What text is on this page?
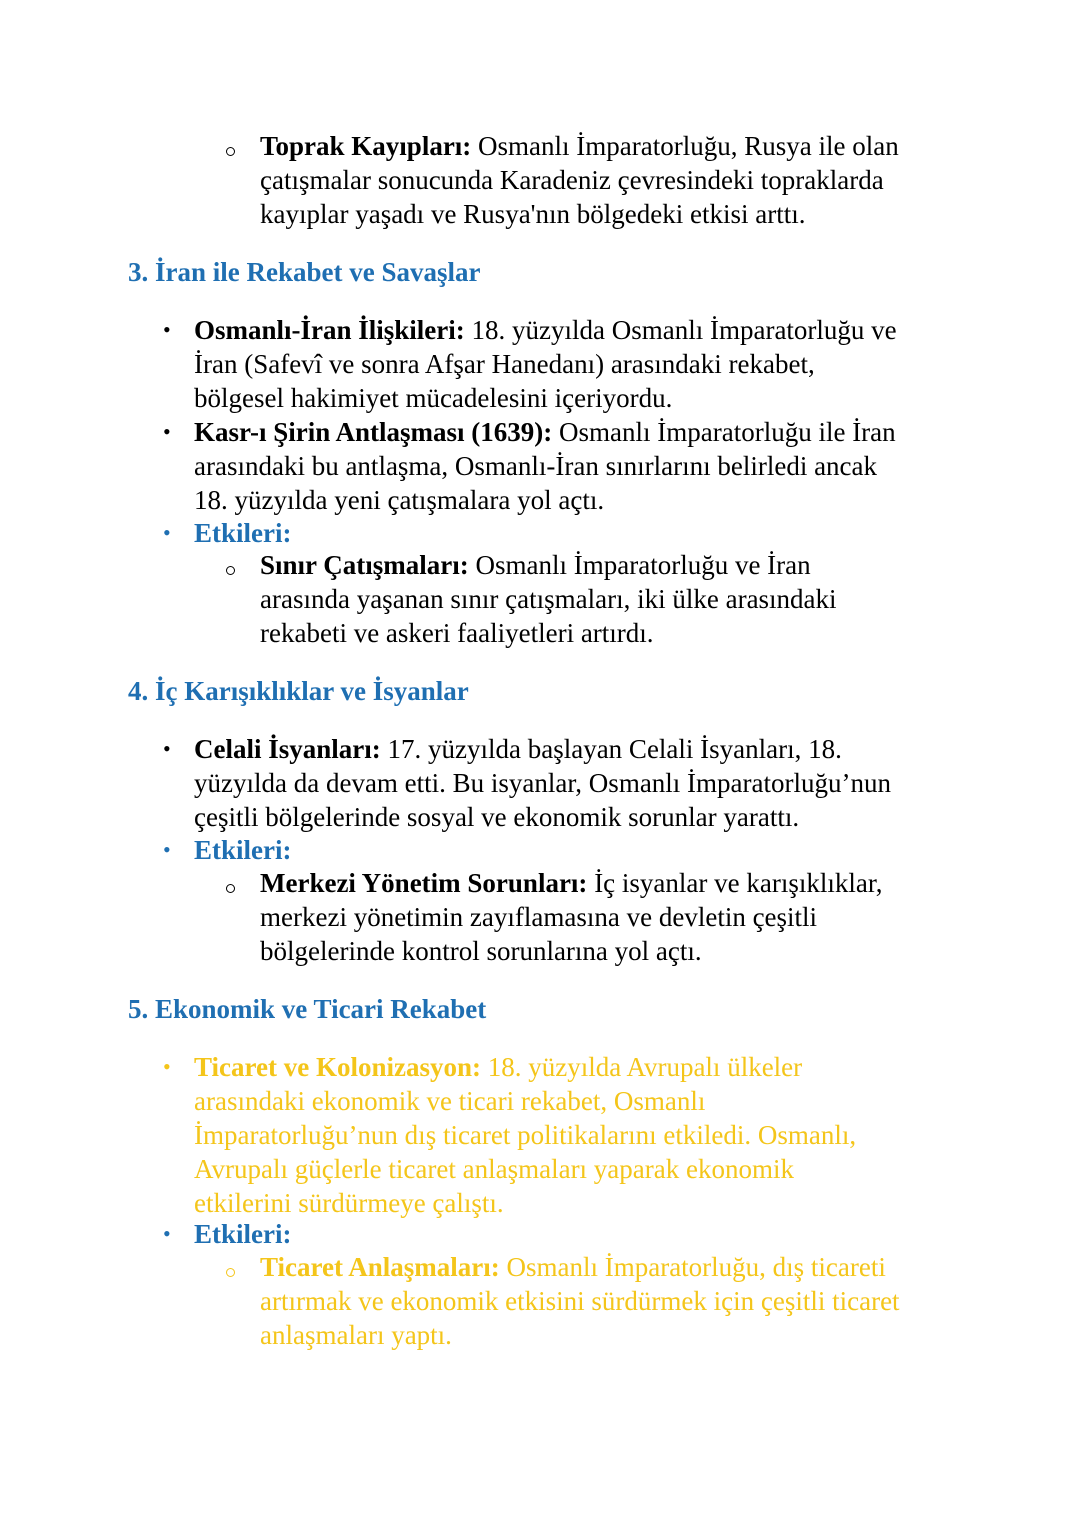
Toprak Kayıpları: Osmanlı İmparatorluğu, Rusya ile olan
çatışmalar sonucunda Karadeniz çevresindeki topraklarda
kayıplar yaşadı ve Rusya'nın bölgedeki etkisi arttı.
3. İran ile Rekabet ve Savaşlar
• Osmanlı-İran İlişkileri: 18. yüzyılda Osmanlı İmparatorluğu ve
İran (Safevî ve sonra Afşar Hanedanı) arasındaki rekabet,
bölgesel hakimiyet mücadelesini içeriyordu.
• Kasr-ı Şirin Antlaşması (1639): Osmanlı İmparatorluğu ile İran
arasındaki bu antlaşma, Osmanlı-İran sınırlarını belirledi ancak
18. yüzyılda yeni çatışmalara yol açtı.
• Etkileri:
Sınır Çatışmaları: Osmanlı İmparatorluğu ve İran
arasında yaşanan sınır çatışmaları, iki ülke arasındaki
rekabeti ve askeri faaliyetleri artırdı.
4. İç Karışıklıklar ve İsyanlar
• Celali İsyanları: 17. yüzyılda başlayan Celali İsyanları, 18.
yüzyılda da devam etti. Bu isyanlar, Osmanlı İmparatorluğu’nun
çeşitli bölgelerinde sosyal ve ekonomik sorunlar yarattı.
• Etkileri:
Merkezi Yönetim Sorunları: İç isyanlar ve karışıklıklar,
merkezi yönetimin zayıflamasına ve devletin çeşitli
bölgelerinde kontrol sorunlarına yol açtı.
5. Ekonomik ve Ticari Rekabet
• Ticaret ve Kolonizasyon: 18. yüzyılda Avrupalı ülkeler
arasındaki ekonomik ve ticari rekabet, Osmanlı
İmparatorluğu’nun dış ticaret politikalarını etkiledi. Osmanlı,
Avrupalı güçlerle ticaret anlaşmaları yaparak ekonomik
etkilerini sürdürmeye çalıştı.
• Etkileri:
Ticaret Anlaşmaları: Osmanlı İmparatorluğu, dış ticareti
artırmak ve ekonomik etkisini sürdürmek için çeşitli ticaret
anlaşmaları yaptı.
